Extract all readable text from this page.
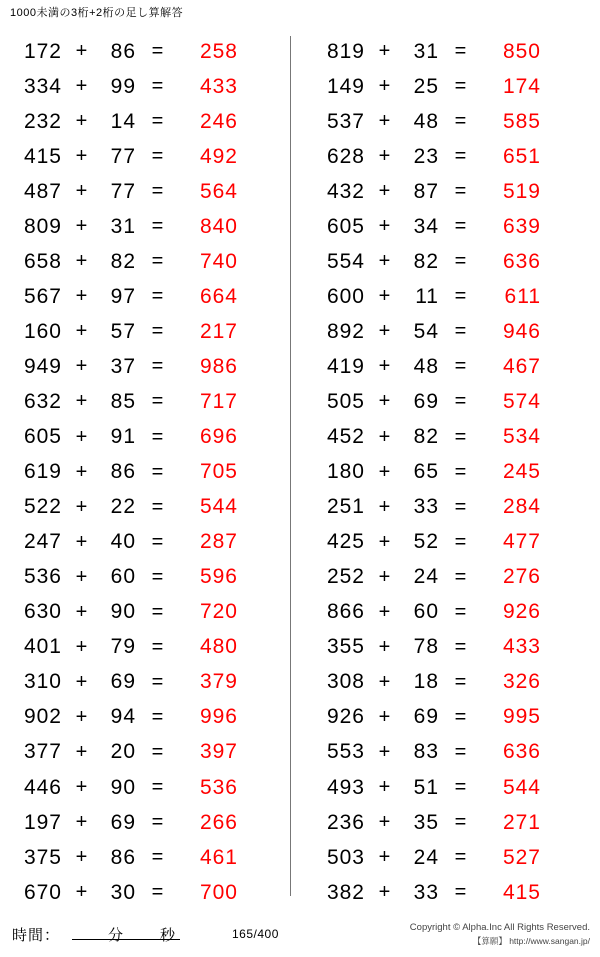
1000未満の3桁+2桁の足し算解答
172 +	86 =	258
334 +	99 =	433
232 +	14 =	246
415 +	77 =	492
487 +	77 =	564
809 +	31 =	840
658 +	82 =	740
567 +	97 =	664
160 +	57 =	217
949 +	37 =	986
632 +	85 =	717
605 +	91 =	696
619 +	86 =	705
522 +	22 =	544
247 +	40 =	287
536 +	60 =	596
630 +	90 =	720
401 +	79 =	480
310 +	69 =	379
902 +	94 =	996
377 +	20 =	397
446 +	90 =	536
197 +	69 =	266
375 +	86 =	461
670 +	30 =	700
819 +	31 =	850
149 +	25 =	174
537 +	48 =	585
628 +	23 =	651
432 +	87 =	519
605 +	34 =	639
554 +	82 =	636
600 +	11 =	611
892 +	54 =	946
419 +	48 =	467
505 +	69 =	574
452 +	82 =	534
180 +	65 =	245
251 +	33 =	284
425 +	52 =	477
252 +	24 =	276
866 +	60 =	926
355 +	78 =	433
308 +	18 =	326
926 +	69 =	995
553 +	83 =	636
493 +	51 =	544
236 +	35 =	271
503 +	24 =	527
382 +	33 =	415
時間：	分 秒	165/400	Copyright © Alpha.Inc All Rights Reserved.
【算願】 http://www.sangan.jp/
